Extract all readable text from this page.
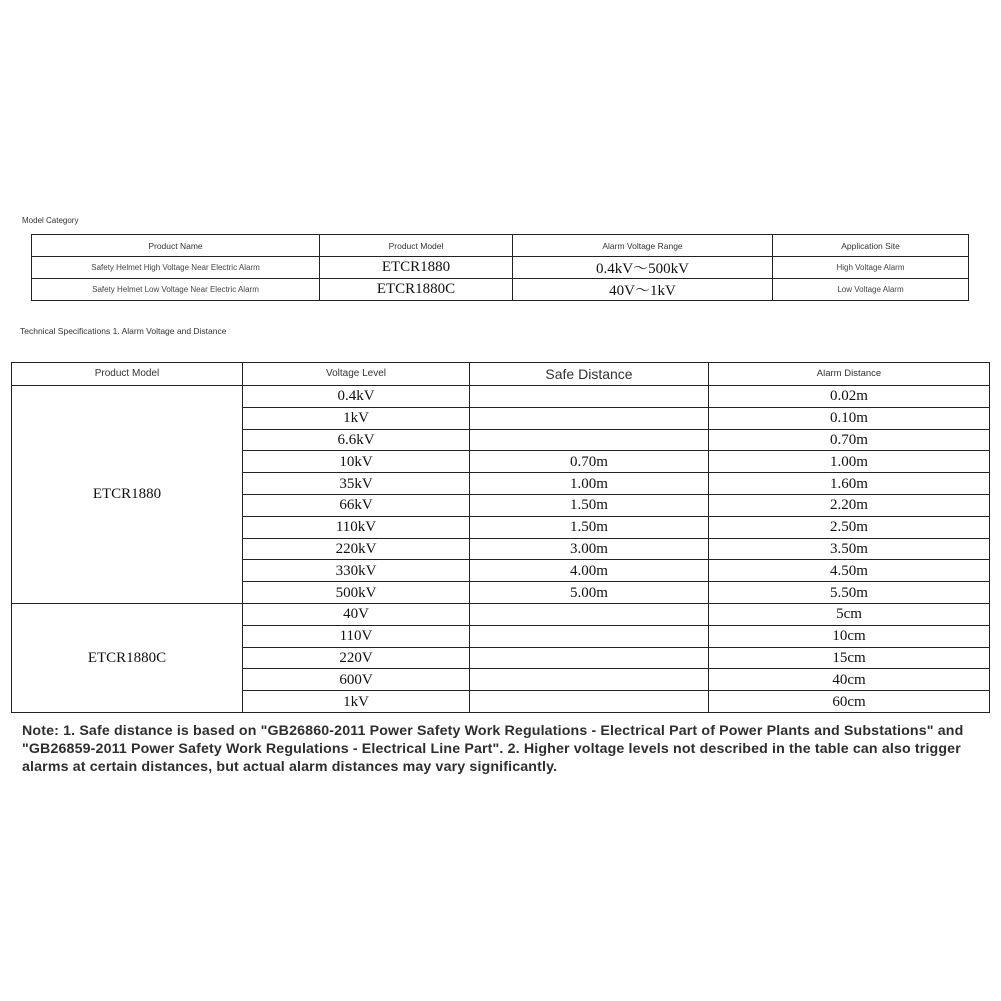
Model Category
Product Name	Product Model	Alarm Voltage Range	Application Site
Safety Helmet High Voltage Near Electric Alarm	ETCR1880	0.4kV～500kV	High Voltage Alarm
Safety Helmet Low Voltage Near Electric Alarm	ETCR1880C	40V～1kV	Low Voltage Alarm
Technical Specifications 1. Alarm Voltage and Distance
Product Model	Voltage Level	Safe Distance	Alarm Distance
ETCR1880	0.4kV		0.02m
	1kV		0.10m
	6.6kV		0.70m
	10kV	0.70m	1.00m
	35kV	1.00m	1.60m
	66kV	1.50m	2.20m
	110kV	1.50m	2.50m
	220kV	3.00m	3.50m
	330kV	4.00m	4.50m
	500kV	5.00m	5.50m
ETCR1880C	40V		5cm
	110V		10cm
	220V		15cm
	600V		40cm
	1kV		60cm
Note: 1. Safe distance is based on "GB26860-2011 Power Safety Work Regulations - Electrical Part of Power Plants and Substations" and "GB26859-2011 Power Safety Work Regulations - Electrical Line Part". 2. Higher voltage levels not described in the table can also trigger alarms at certain distances, but actual alarm distances may vary significantly.
